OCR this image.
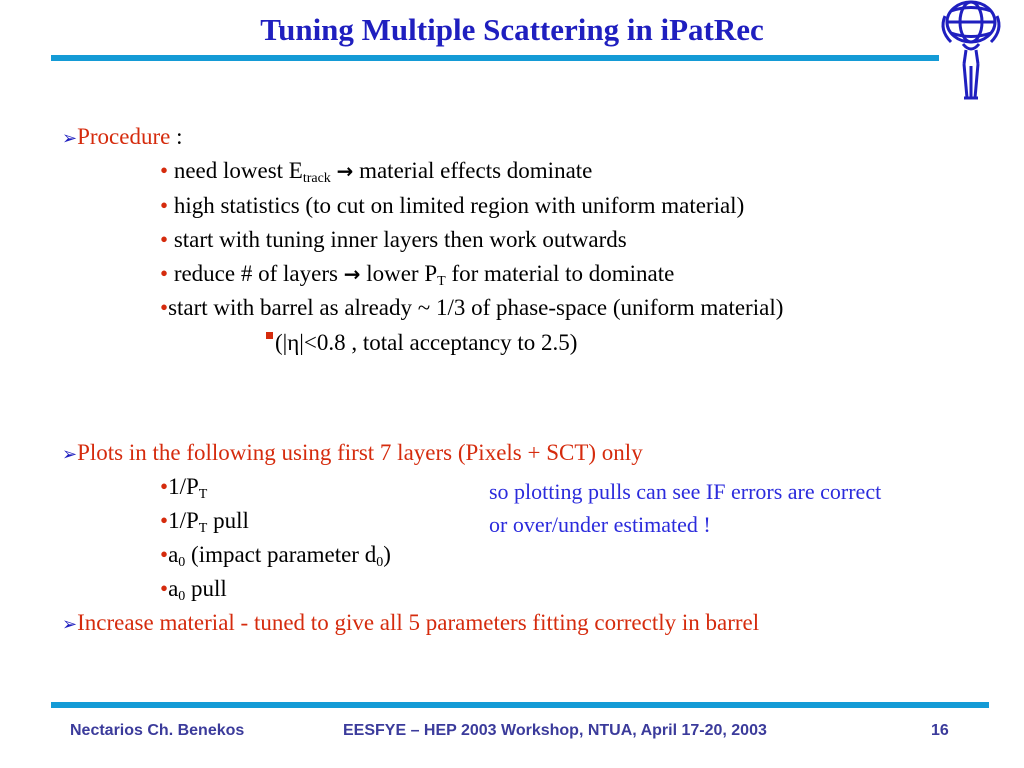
Tuning Multiple Scattering in iPatRec
➢Procedure :
• need lowest $E_{track}$ → material effects dominate
• high statistics (to cut on limited region with uniform material)
• start with tuning inner layers then work outwards
• reduce # of layers → lower $P_T$ for material to dominate
•start with barrel as already ~ 1/3 of phase-space (uniform material)
(|η|<0.8 , total acceptancy to 2.5)
➢Plots in the following using first 7 layers (Pixels + SCT) only
$•1/P_T$
$•1/P_T$ pull
$•a_0$ (impact parameter $d_0$)
$•a_0$ pull
so plotting pulls can see IF errors are correct
or over/under estimated !
➢Increase material - tuned to give all 5 parameters fitting correctly in barrel
Nectarios Ch. Benekos	EESFYE – HEP 2003 Workshop, NTUA, April 17-20, 2003	16
